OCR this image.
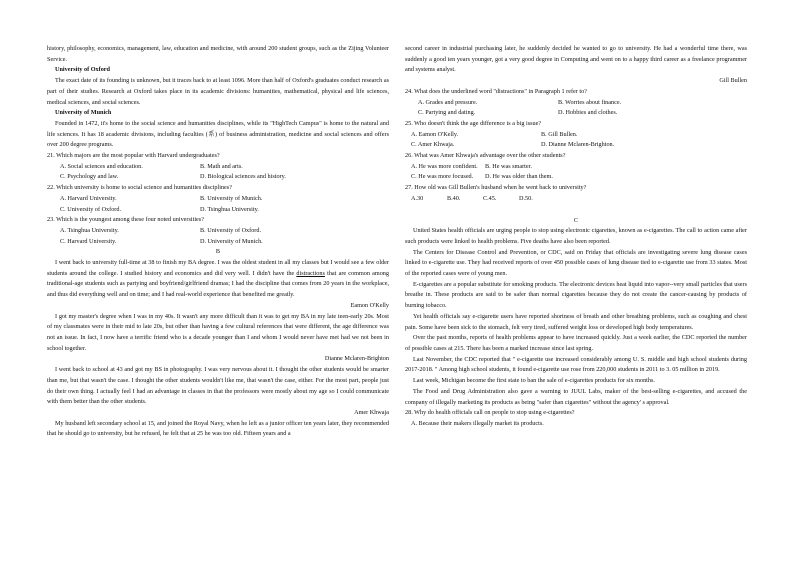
history, philosophy, economics, management, law, education and medicine, with around 200 student groups, such as the Zijing Volunteer Service.

University of Oxford

The exact date of its founding is unknown, but it traces back to at least 1096. More than half of Oxford's graduates conduct research as part of their studies. Research at Oxford takes place in its academic divisions: humanities, mathematical, physical and life sciences, medical sciences, and social sciences.

University of Munich

Founded in 1472, it's home to the social science and humanities disciplines, while its "HighTech Campus" is home to the natural and life sciences. It has 18 academic divisions, including faculties (系) of business administration, medicine and social sciences and offers over 200 degree programs.

21. Which majors are the most popular with Harvard undergraduates?

A. Social sciences and education.	B. Math and arts.
C. Psychology and law.	D. Biological sciences and history.

22. Which university is home to social science and humanities disciplines?

A. Harvard University.	B. University of Munich.
C. University of Oxford.	D. Tsinghua University.

23. Which is the youngest among these four noted universities?

A. Tsinghua University.	B. University of Oxford.
C. Harvard University.	D. University of Munich.

B

I went back to university full-time at 38 to finish my BA degree. I was the oldest student in all my classes but I would see a few older students around the college. I studied history and economics and did very well. I didn't have the distractions that are common among traditional-age students such as partying and boyfriend/girlfriend dramas; I had the discipline that comes from 20 years in the workplace, and thus did everything well and on time; and I had real-world experience that benefited me greatly.

Eamon O'Kelly

I got my master's degree when I was in my 40s. It wasn't any more difficult than it was to get my BA in my late teen-early 20s. Most of my classmates were in their mid to late 20s, but other than having a few cultural references that were different, the age difference was not an issue. In fact, I now have a terrific friend who is a decade younger than I and whom I would never have met had we not been in school together.

Dianne Mclaren-Brighton

I went back to school at 43 and got my BS in photography. I was very nervous about it. I thought the other students would be smarter than me, but that wasn't the case. I thought the other students wouldn't like me, that wasn't the case, either. For the most part, people just do their own thing. I actually feel I had an advantage in classes in that the professors were mostly about my age so I could communicate with them better than the other students.

Amer Khwaja

My husband left secondary school at 15, and joined the Royal Navy, when he left as a junior officer ten years later, they recommended that he should go to university, but he refused, he felt that at 25 he was too old. Fifteen years and a

second career in industrial purchasing later, he suddenly decided he wanted to go to university. He had a wonderful time there, was suddenly a good ten years younger, got a very good degree in Computing and went on to a happy third career as a freelance programmer and systems analyst.

Gill Bullen

24. What does the underlined word "distractions" in Paragraph 1 refer to?

A. Grades and pressure.	B. Worries about finance.
C. Partying and dating.	D. Hobbies and clothes.

25. Who doesn't think the age difference is a big issue?

A. Eamon O'Kelly.	B. Gill Bullen.
C. Amer Khwaja.	D. Dianne Mclaren-Brighton.

26. What was Amer Khwaja's advantage over the other students?

A. He was more confident.	B. He was smarter.
C. He was more focused.	D. He was older than them.

27. How old was Gill Bullen's husband when he went back to university?

A.30	B.40.	C.45.	D.50.

C

United States health officials are urging people to stop using electronic cigarettes, known as e-cigarettes. The call to action came after such products were linked to health problems. Five deaths have also been reported.

The Centers for Disease Control and Prevention, or CDC, said on Friday that officials are investigating severe lung disease cases linked to e-cigarette use. They had received reports of over 450 possible cases of lung disease tied to e-cigarette use from 33 states. Most of the reported cases were of young men.

E-cigarettes are a popular substitute for smoking products. The electronic devices heat liquid into vapor--very small particles that users breathe in. These products are said to be safer than normal cigarettes because they do not create the cancer-causing by products of burning tobacco.

Yet health officials say e-cigarette users have reported shortness of breath and other breathing problems, such as coughing and chest pain. Some have been sick to the stomach, felt very tired, suffered weight loss or developed high body temperatures.

Over the past months, reports of health problems appear to have increased quickly. Just a week earlier, the CDC reported the number of possible cases at 215. There has been a marked increase since last spring.

Last November, the CDC reported that " e-cigarette use increased considerably among U. S. middle and high school students during 2017-2018. " Among high school students, it found e-cigarette use rose from 220,000 students in 2011 to 3. 05 million in 2019.

Last week, Michigan become the first state to ban the sale of e-cigarettes products for six months.

The Food and Drug Administration also gave a warning to JUUL Labs, maker of the best-selling e-cigarettes, and accused the company of illegally marketing its products as being "safer than cigarettes" without the agency' s approval.

28. Why do health officials call on people to stop using e-cigarettes?

A. Because their makers illegally market its products.
